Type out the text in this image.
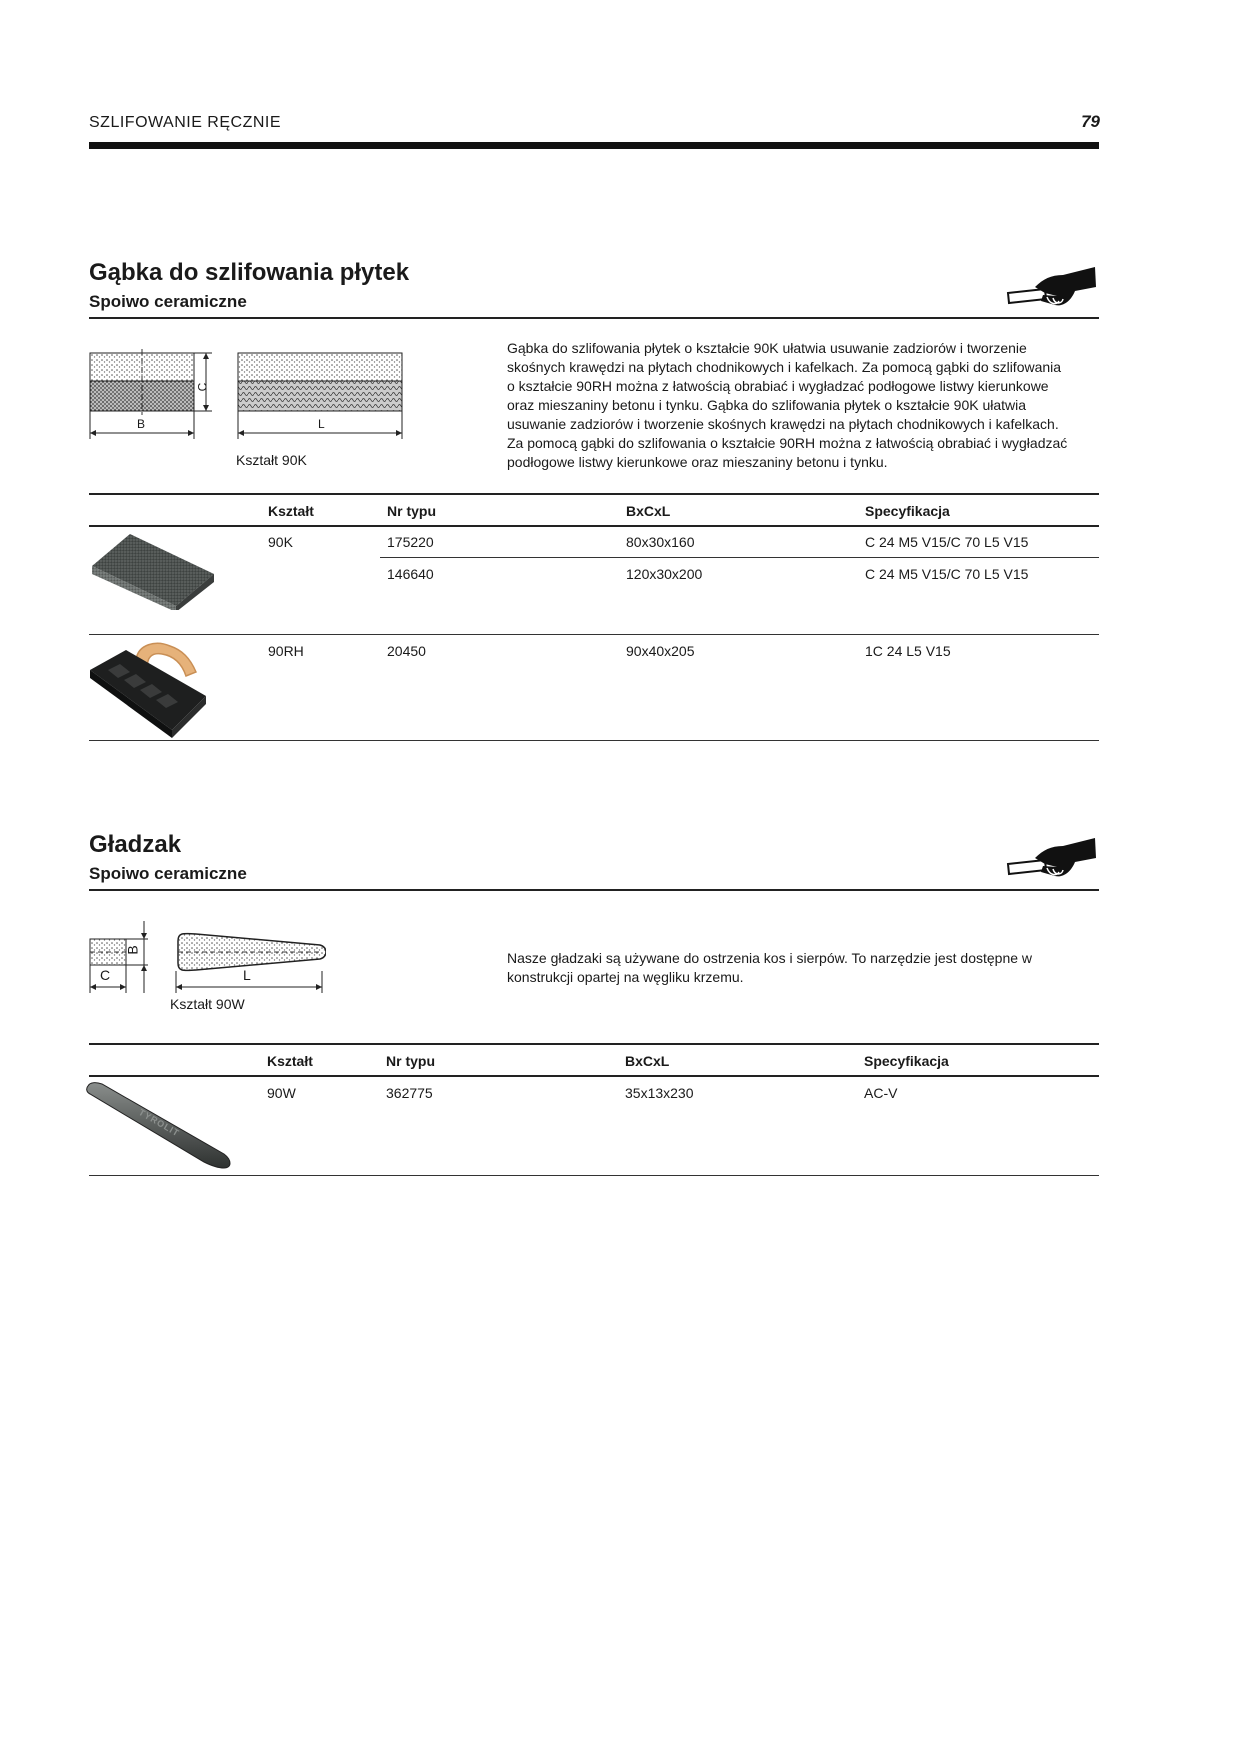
SZLIFOWANIE RĘCZNIE	79
Gąbka do szlifowania płytek
Spoiwo ceramiczne
B
C
L
Kształt 90K
Gąbka do szlifowania płytek o kształcie 90K ułatwia usuwanie zadziorów i tworzenie
skośnych krawędzi na płytach chodnikowych i kafelkach. Za pomocą gąbki do szlifowania
o kształcie 90RH można z łatwością obrabiać i wygładzać podłogowe listwy kierunkowe
oraz mieszaniny betonu i tynku. Gąbka do szlifowania płytek o kształcie 90K ułatwia
usuwanie zadziorów i tworzenie skośnych krawędzi na płytach chodnikowych i kafelkach.
Za pomocą gąbki do szlifowania o kształcie 90RH można z łatwością obrabiać i wygładzać
podłogowe listwy kierunkowe oraz mieszaniny betonu i tynku.
Kształt	Nr typu	BxCxL	Specyfikacja
90K	175220	80x30x160	C 24 M5 V15/C 70 L5 V15
146640	120x30x200	C 24 M5 V15/C 70 L5 V15
90RH	20450	90x40x205	1C 24 L5 V15
Gładzak
Spoiwo ceramiczne
C
B
L
Kształt 90W
Nasze gładzaki są używane do ostrzenia kos i sierpów. To narzędzie jest dostępne w
konstrukcji opartej na węgliku krzemu.
Kształt	Nr typu	BxCxL	Specyfikacja
TYROLIT
90W	362775	35x13x230	AC-V
